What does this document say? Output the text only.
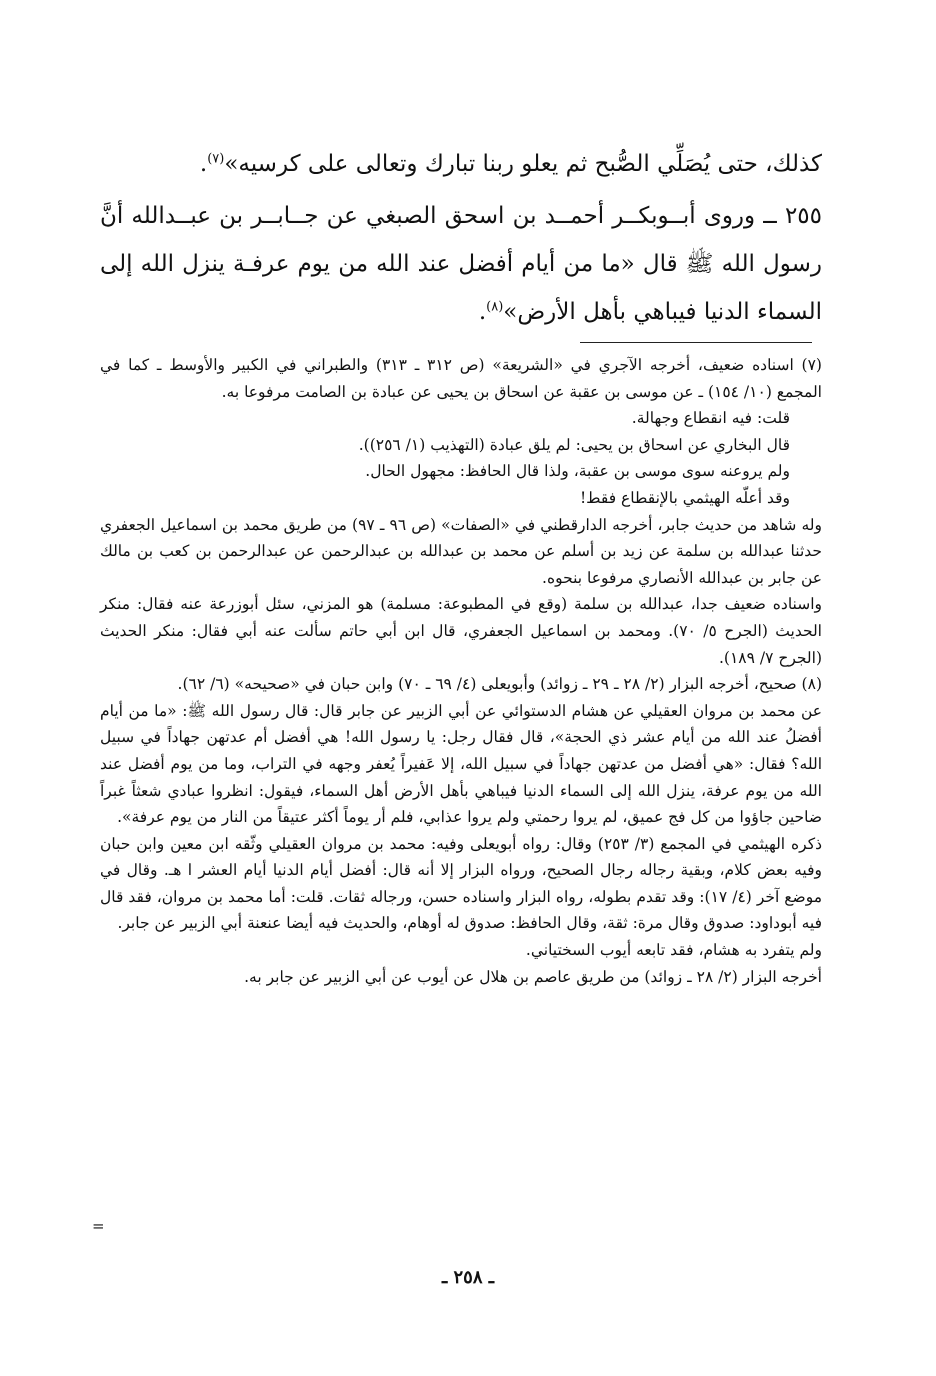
كذلك، حتى يُصَلِّي الصُّبح ثم يعلو ربنا تبارك وتعالى على كرسيه»$^{(٧)}$.

٢٥٥ ــ وروى أبــوبكــر أحمــد بن اسحق الصبغي عن جــابــر بن عبــدالله أنَّ رسول الله ﷺ قال «ما من أيام أفضل عند الله من يوم عرفـة ينزل الله إلى السماء الدنيا فيباهي بأهل الأرض»$^{(٨)}$.

(٧) اسناده ضعيف، أخرجه الآجري في «الشريعة» (ص ٣١٢ ـ ٣١٣) والطبراني في الكبير والأوسط ـ كما في المجمع (١٠/ ١٥٤) ـ عن موسى بن عقبة عن اسحاق بن يحيى عن عبادة بن الصامت مرفوعا به.

قلت: فيه انقطاع وجهالة.

قال البخاري عن اسحاق بن يحيى: لم يلق عبادة (التهذيب (١/ ٢٥٦)).

ولم يروعنه سوى موسى بن عقبة، ولذا قال الحافظ: مجهول الحال.

وقد أعلّه الهيثمي بالإنقطاع فقط!

وله شاهد من حديث جابر، أخرجه الدارقطني في «الصفات» (ص ٩٦ ـ ٩٧) من طريق محمد بن اسماعيل الجعفري حدثنا عبدالله بن سلمة عن زيد بن أسلم عن محمد بن عبدالله بن عبدالرحمن عن عبدالرحمن بن كعب بن مالك عن جابر بن عبدالله الأنصاري مرفوعا بنحوه.

واسناده ضعيف جدا، عبدالله بن سلمة (وقع في المطبوعة: مسلمة) هو المزني، سئل أبوزرعة عنه فقال: منكر الحديث (الجرح ٥/ ٧٠). ومحمد بن اسماعيل الجعفري، قال ابن أبي حاتم سألت عنه أبي فقال: منكر الحديث (الجرح ٧/ ١٨٩).

(٨) صحيح، أخرجه البزار (٢/ ٢٨ ـ ٢٩ ـ زوائد) وأبويعلى (٤/ ٦٩ ـ ٧٠) وابن حبان في «صحيحه» (٦/ ٦٢).

عن محمد بن مروان العقيلي عن هشام الدستوائي عن أبي الزبير عن جابر قال: قال رسول الله ﷺ: «ما من أيام أفضلُ عند الله من أيام عشر ذي الحجة»، قال فقال رجل: يا رسول الله! هي أفضل أم عدتهن جهاداً في سبيل الله؟ فقال: «هي أفضل من عدتهن جهاداً في سبيل الله، إلا عَفيراً يُعفر وجهه في التراب، وما من يوم أفضل عند الله من يوم عرفة، ينزل الله إلى السماء الدنيا فيباهي بأهل الأرض أهل السماء، فيقول: انظروا عبادي شعثاً غبراً ضاحين جاؤوا من كل فج عميق، لم يروا رحمتي ولم يروا عذابي، فلم أر يوماً أكثر عتيقاً من النار من يوم عرفة».

ذكره الهيثمي في المجمع (٣/ ٢٥٣) وقال: رواه أبويعلى وفيه: محمد بن مروان العقيلي وثّقه ابن معين وابن حبان وفيه بعض كلام، وبقية رجاله رجال الصحيح، ورواه البزار إلا أنه قال: أفضل أيام الدنيا أيام العشر ا هـ. وقال في موضع آخر (٤/ ١٧): وقد تقدم بطوله، رواه البزار واسناده حسن، ورجاله ثقات. قلت: أما محمد بن مروان، فقد قال فيه أبوداود: صدوق وقال مرة: ثقة، وقال الحافظ: صدوق له أوهام، والحديث فيه أيضا عنعنة أبي الزبير عن جابر.

ولم يتفرد به هشام، فقد تابعه أيوب السختياني.

أخرجه البزار (٢/ ٢٨ ـ زوائد) من طريق عاصم بن هلال عن أيوب عن أبي الزبير عن جابر به.

=
ـ ٢٥٨ ـ
